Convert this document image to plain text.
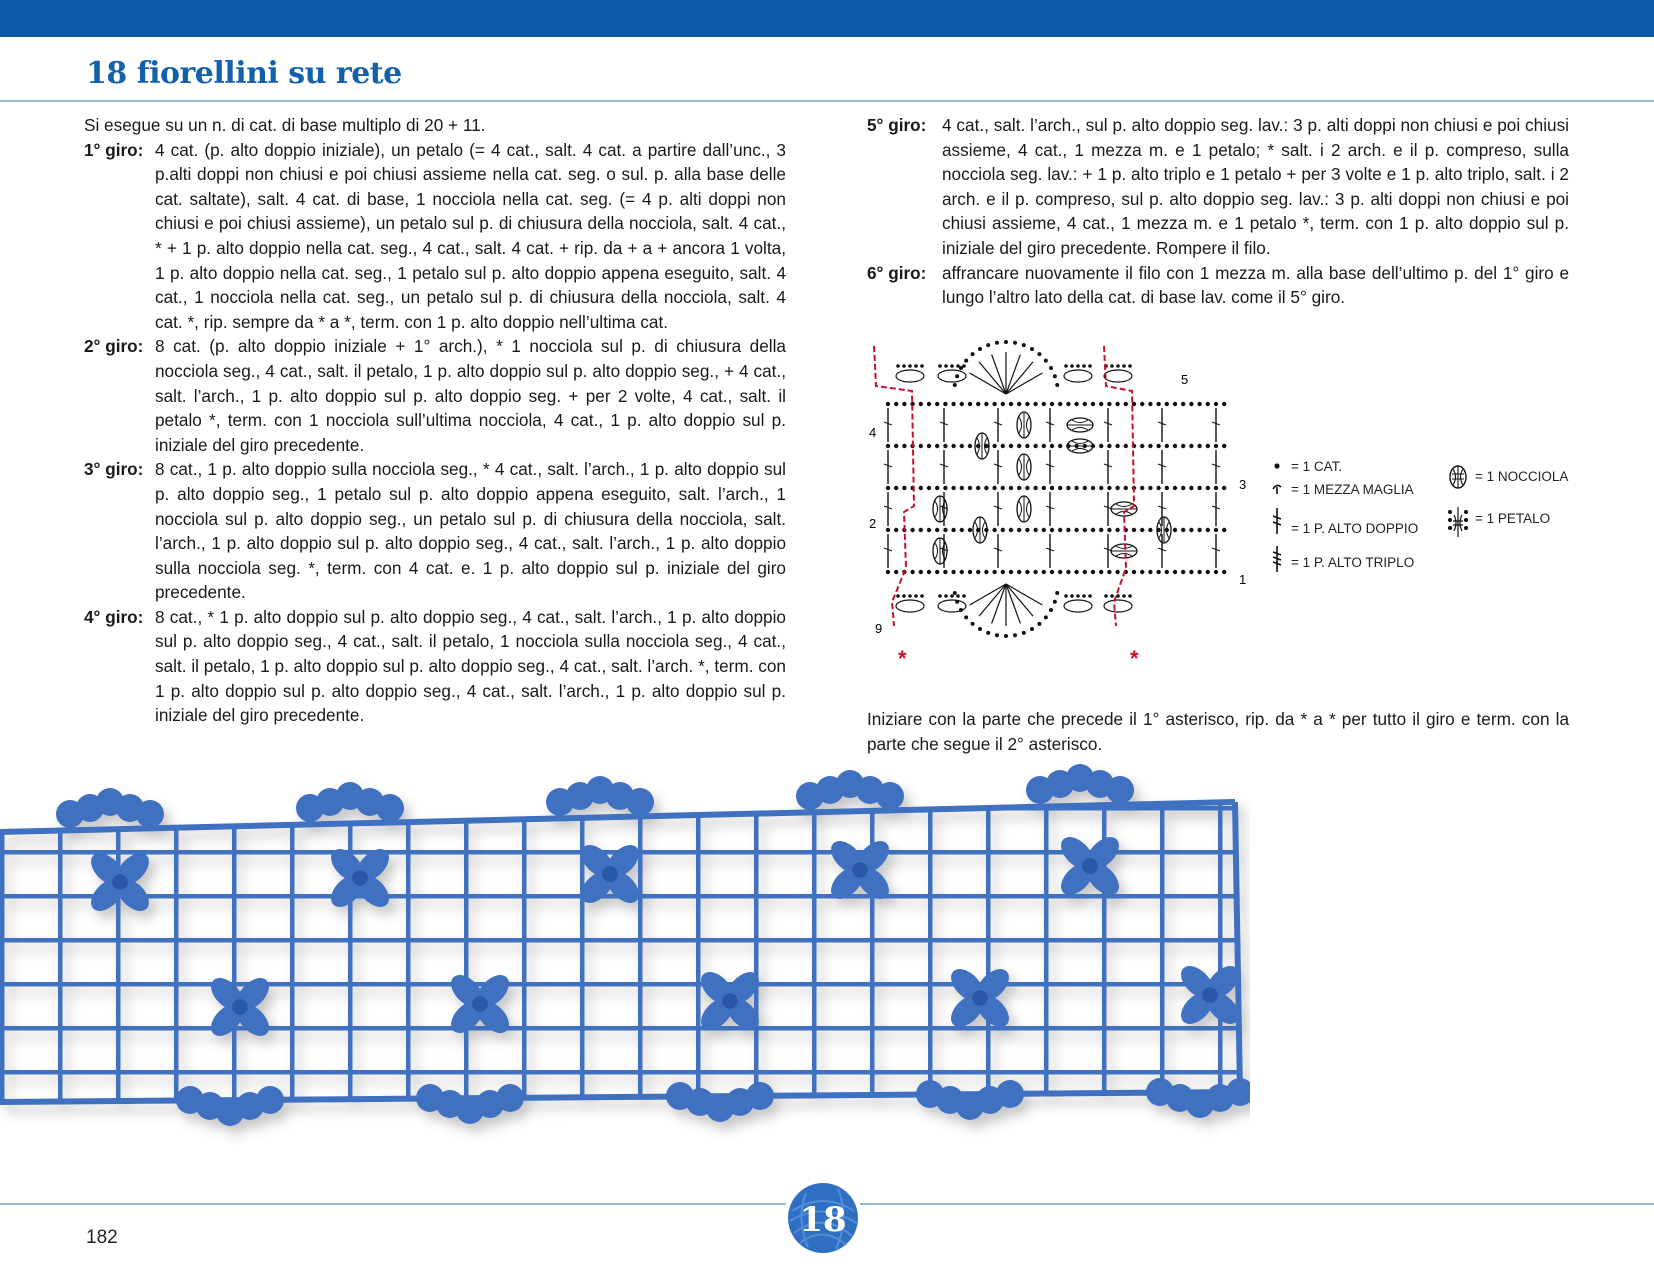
18 fiorellini su rete

Si esegue su un n. di cat. di base multiplo di 20 + 11.

1° giro: 4 cat. (p. alto doppio iniziale), un petalo (= 4 cat., salt. 4 cat. a partire dall’unc., 3 p.alti doppi non chiusi e poi chiusi assieme nella cat. seg. o sul. p. alla base delle cat. saltate), salt. 4 cat. di base, 1 nocciola nella cat. seg. (= 4 p. alti doppi non chiusi e poi chiusi assieme), un petalo sul p. di chiusura della nocciola, salt. 4 cat., * + 1 p. alto doppio nella cat. seg., 4 cat., salt. 4 cat. + rip. da + a + ancora 1 volta, 1 p. alto doppio nella cat. seg., 1 petalo sul p. alto doppio appena eseguito, salt. 4 cat., 1 nocciola nella cat. seg., un petalo sul p. di chiusura della nocciola, salt. 4 cat. *, rip. sempre da * a *, term. con 1 p. alto doppio nell’ultima cat.
2° giro: 8 cat. (p. alto doppio iniziale + 1° arch.), * 1 nocciola sul p. di chiusura della nocciola seg., 4 cat., salt. il petalo, 1 p. alto doppio sul p. alto doppio seg., + 4 cat., salt. l’arch., 1 p. alto doppio sul p. alto doppio seg. + per 2 volte, 4 cat., salt. il petalo *, term. con 1 nocciola sull’ultima nocciola, 4 cat., 1 p. alto doppio sul p. iniziale del giro precedente.
3° giro: 8 cat., 1 p. alto doppio sulla nocciola seg., * 4 cat., salt. l’arch., 1 p. alto doppio sul p. alto doppio seg., 1 petalo sul p. alto doppio appena eseguito, salt. l’arch., 1 nocciola sul p. alto doppio seg., un petalo sul p. di chiusura della nocciola, salt. l’arch., 1 p. alto doppio sul p. alto doppio seg., 4 cat., salt. l’arch., 1 p. alto doppio sulla nocciola seg. *, term. con 4 cat. e. 1 p. alto doppio sul p. iniziale del giro precedente.
4° giro: 8 cat., * 1 p. alto doppio sul p. alto doppio seg., 4 cat., salt. l’arch., 1 p. alto doppio sul p. alto doppio seg., 4 cat., salt. il petalo, 1 nocciola sulla nocciola seg., 4 cat., salt. il petalo, 1 p. alto doppio sul p. alto doppio seg., 4 cat., salt. l’arch. *, term. con 1 p. alto doppio sul p. alto doppio seg., 4 cat., salt. l’arch., 1 p. alto doppio sul p. iniziale del giro precedente.
5° giro: 4 cat., salt. l’arch., sul p. alto doppio seg. lav.: 3 p. alti doppi non chiusi e poi chiusi assieme, 4 cat., 1 mezza m. e 1 petalo; * salt. i 2 arch. e il p. compreso, sulla nocciola seg. lav.: + 1 p. alto triplo e 1 petalo + per 3 volte e 1 p. alto triplo, salt. i 2 arch. e il p. compreso, sul p. alto doppio seg. lav.: 3 p. alti doppi non chiusi e poi chiusi assieme, 4 cat., 1 mezza m. e 1 petalo *, term. con 1 p. alto doppio sul p. iniziale del giro precedente. Rompere il filo.
6° giro: affrancare nuovamente il filo con 1 mezza m. alla base dell’ultimo p. del 1° giro e lungo l’altro lato della cat. di base lav. come il 5° giro.
5
4
3
2
1
9
*	*
= 1 CAT.
= 1 MEZZA MAGLIA
= 1 P. ALTO DOPPIO
= 1 P. ALTO TRIPLO
= 1 NOCCIOLA
= 1 PETALO

Iniziare con la parte che precede il 1° asterisco, rip. da * a * per tutto il giro e term. con la parte che segue il 2° asterisco.

18
182
